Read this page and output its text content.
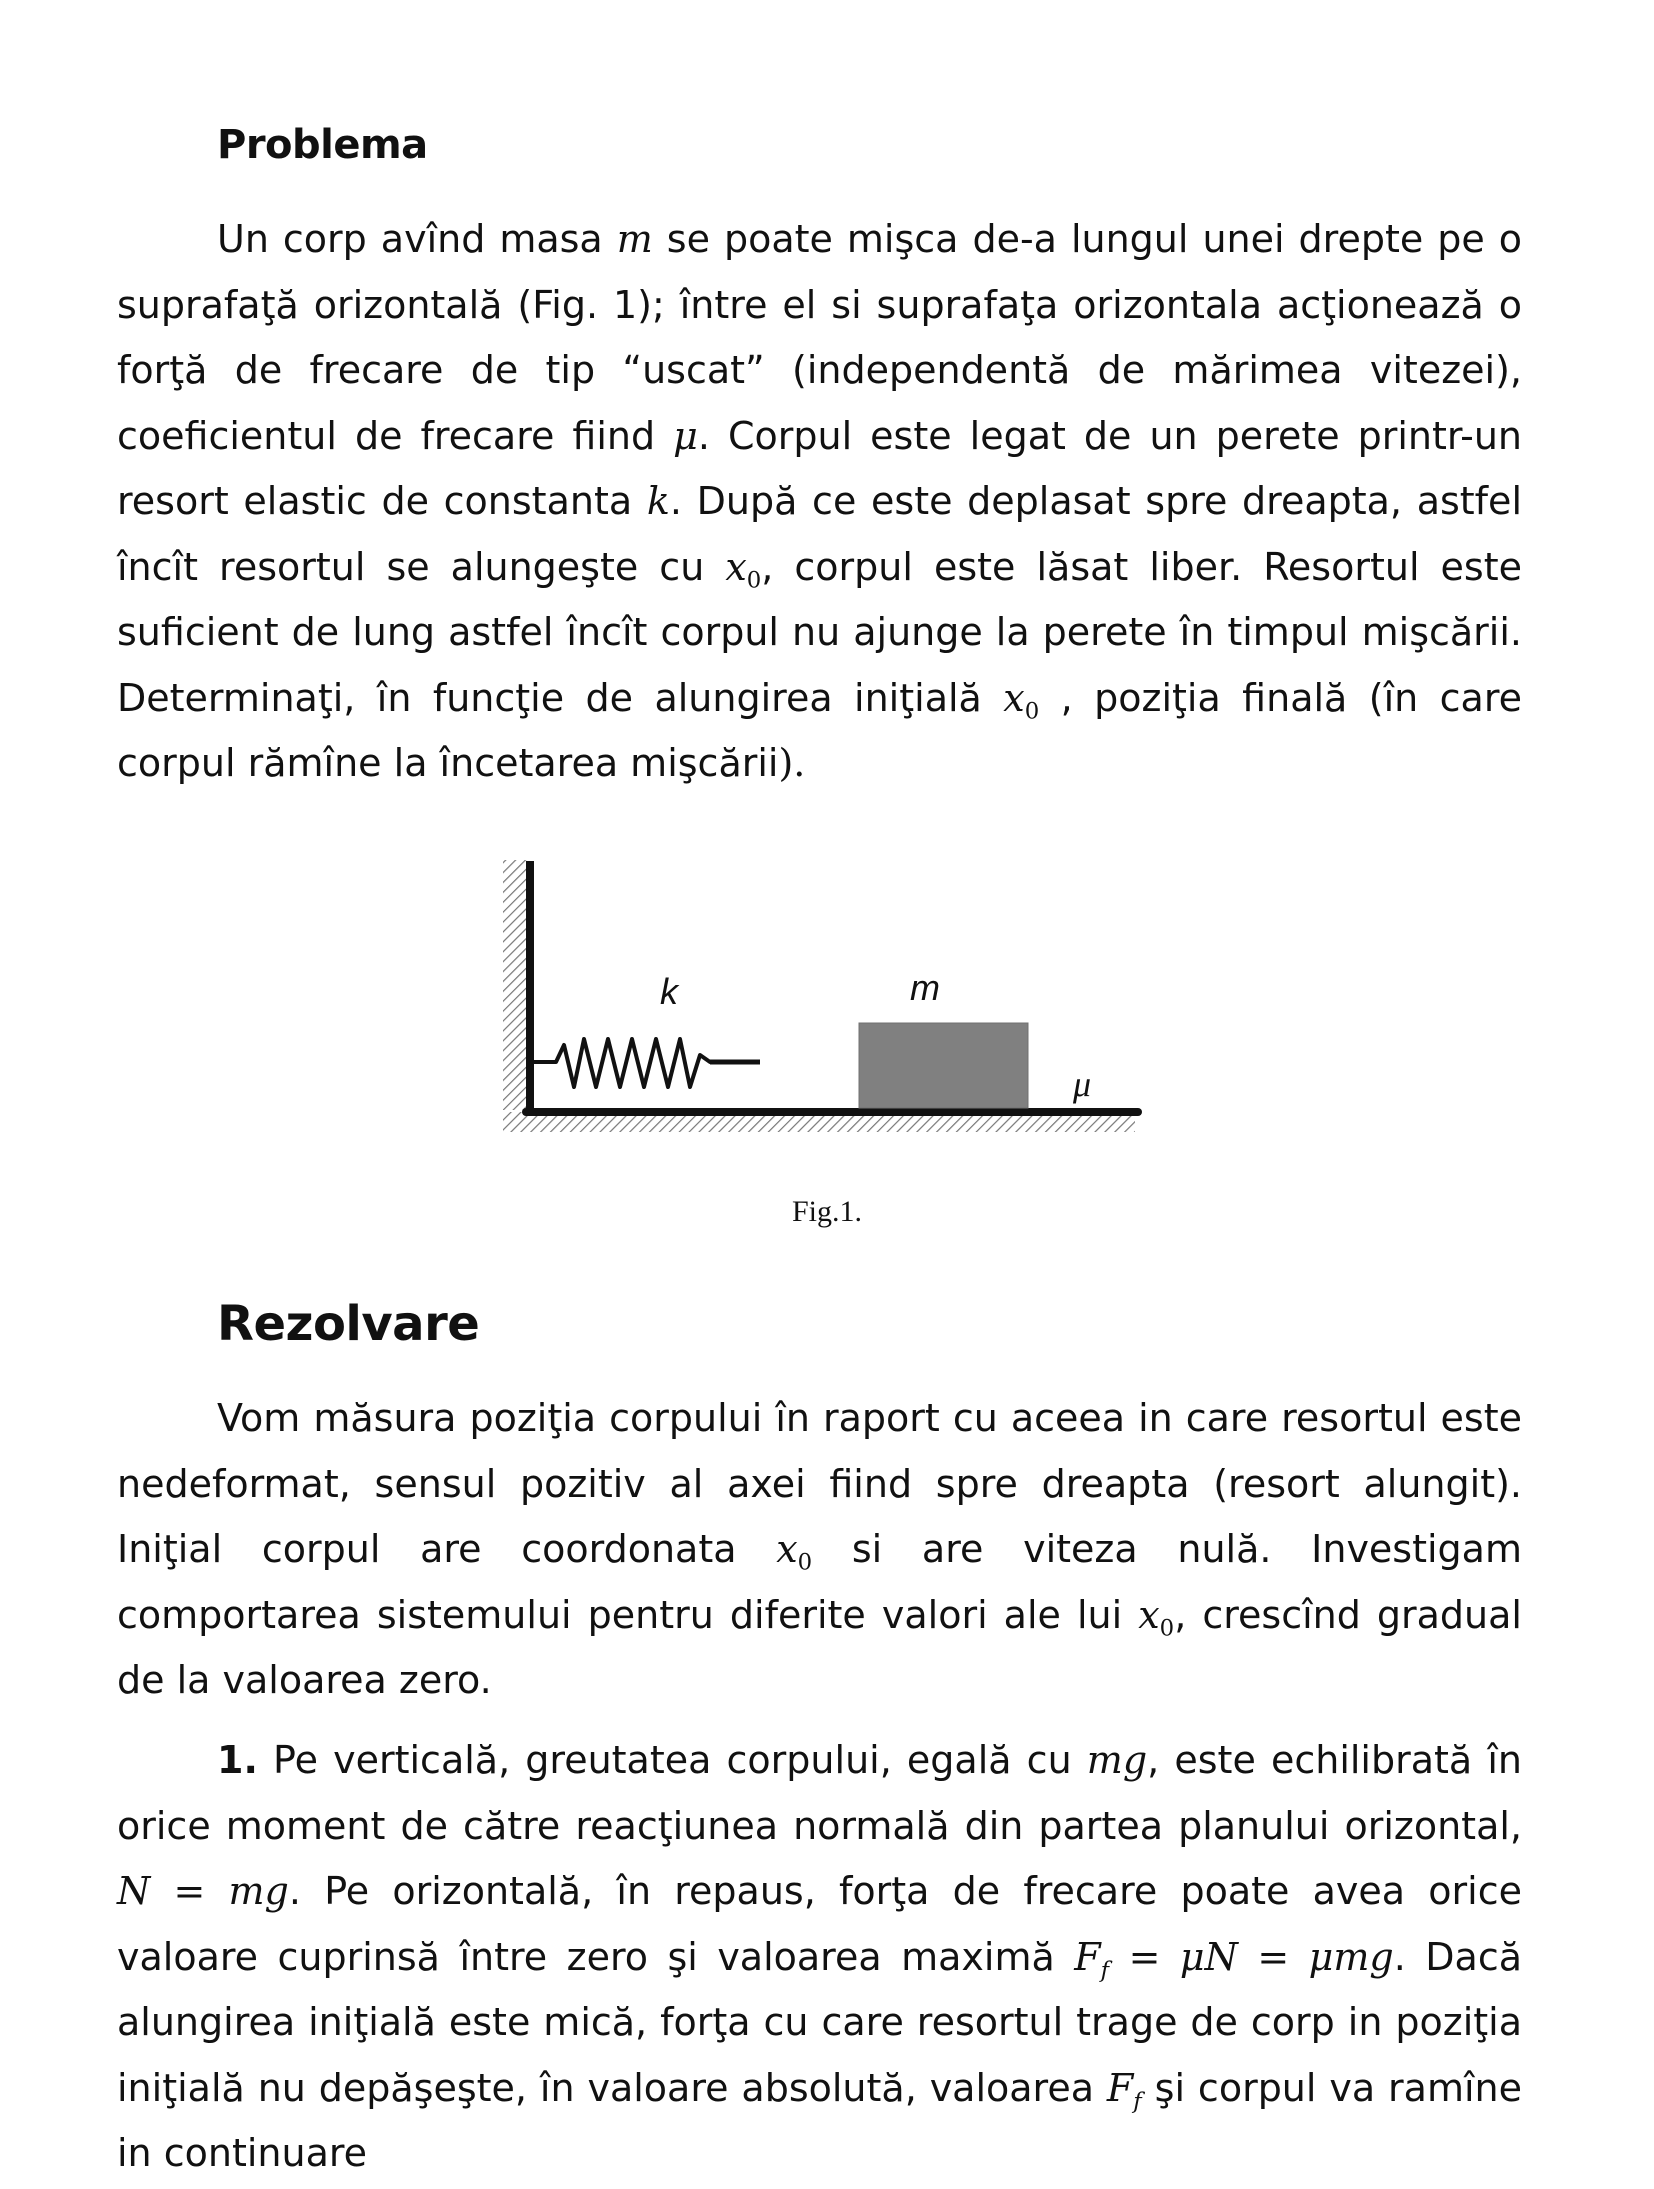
Problema

Un corp avînd masa m se poate mişca de-a lungul unei drepte pe o suprafaţă orizontală (Fig. 1); între el si suprafaţa orizontala acţionează o forţă de frecare de tip “uscat” (independentă de mărimea vitezei), coeficientul de frecare fiind μ. Corpul este legat de un perete printr-un resort elastic de constanta k. După ce este deplasat spre dreapta, astfel încît resortul se alungeşte cu $x_0$, corpul este lăsat liber. Resortul este suficient de lung astfel încît corpul nu ajunge la perete în timpul mişcării. Determinaţi, în funcţie de alungirea iniţială $x_0$ , poziţia finală (în care corpul rămîne la încetarea mişcării).

k	m
μ

Fig.1.

Rezolvare

Vom măsura poziţia corpului în raport cu aceea in care resortul este nedeformat, sensul pozitiv al axei fiind spre dreapta (resort alungit). Iniţial corpul are coordonata $x_0$ si are viteza nulă. Investigam comportarea sistemului pentru diferite valori ale lui $x_0$, crescînd gradual de la valoarea zero.

1. Pe verticală, greutatea corpului, egală cu mg, este echilibrată în orice moment de către reacţiunea normală din partea planului orizontal, N = mg. Pe orizontală, în repaus, forţa de frecare poate avea orice valoare cuprinsă între zero şi valoarea maximă $F_f = \mu N = \mu mg$. Dacă alungirea iniţială este mică, forţa cu care resortul trage de corp in poziţia iniţială nu depăşeşte, în valoare absolută, valoarea $F_f$ şi corpul va ramîne in continuare
